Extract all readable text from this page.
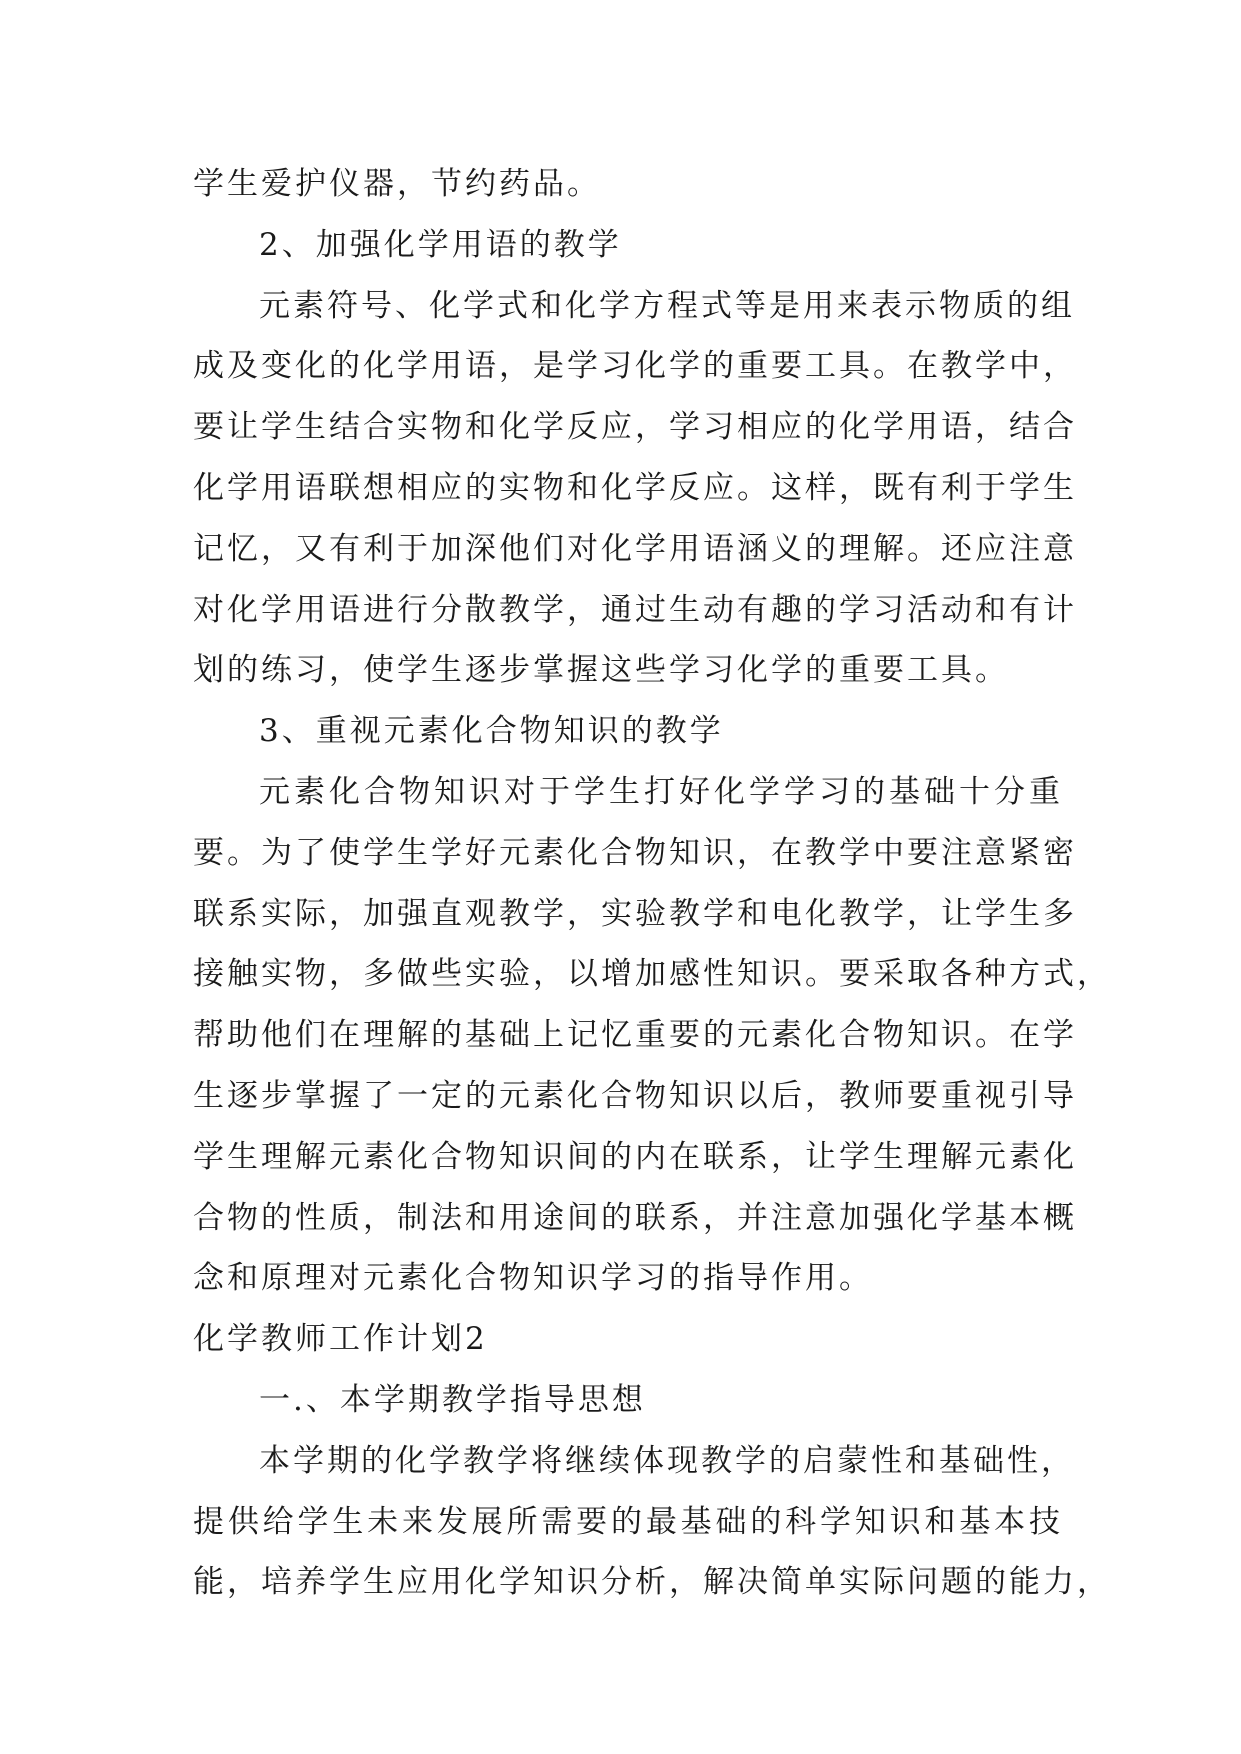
学生爱护仪器，节约药品。
2、加强化学用语的教学
元素符号、化学式和化学方程式等是用来表示物质的组
成及变化的化学用语，是学习化学的重要工具。在教学中，
要让学生结合实物和化学反应，学习相应的化学用语，结合
化学用语联想相应的实物和化学反应。这样，既有利于学生
记忆，又有利于加深他们对化学用语涵义的理解。还应注意
对化学用语进行分散教学，通过生动有趣的学习活动和有计
划的练习，使学生逐步掌握这些学习化学的重要工具。
3、重视元素化合物知识的教学
元素化合物知识对于学生打好化学学习的基础十分重
要。为了使学生学好元素化合物知识，在教学中要注意紧密
联系实际，加强直观教学，实验教学和电化教学，让学生多
接触实物，多做些实验，以增加感性知识。要采取各种方式，
帮助他们在理解的基础上记忆重要的元素化合物知识。在学
生逐步掌握了一定的元素化合物知识以后，教师要重视引导
学生理解元素化合物知识间的内在联系，让学生理解元素化
合物的性质，制法和用途间的联系，并注意加强化学基本概
念和原理对元素化合物知识学习的指导作用。
化学教师工作计划2
一.、本学期教学指导思想
本学期的化学教学将继续体现教学的启蒙性和基础性，
提供给学生未来发展所需要的最基础的科学知识和基本技
能，培养学生应用化学知识分析，解决简单实际问题的能力，
